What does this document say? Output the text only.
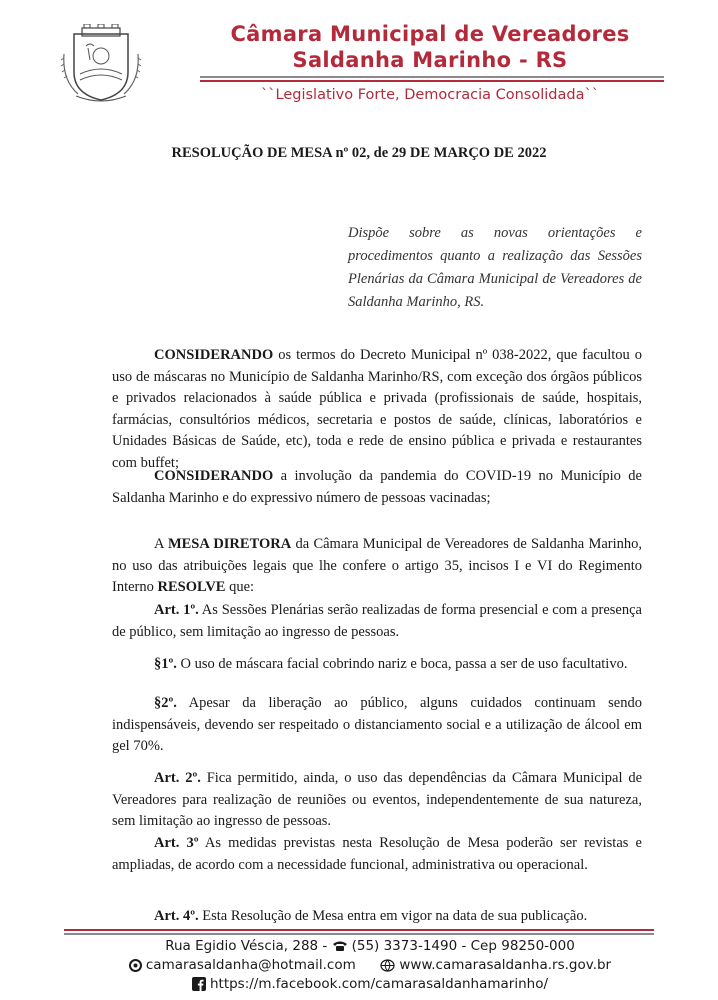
Câmara Municipal de Vereadores
Saldanha Marinho - RS
``Legislativo Forte, Democracia Consolidada``
RESOLUÇÃO DE MESA nº 02, de 29 DE MARÇO DE 2022
Dispõe sobre as novas orientações e procedimentos quanto a realização das Sessões Plenárias da Câmara Municipal de Vereadores de Saldanha Marinho, RS.
CONSIDERANDO os termos do Decreto Municipal nº 038-2022, que facultou o uso de máscaras no Município de Saldanha Marinho/RS, com exceção dos órgãos públicos e privados relacionados à saúde pública e privada (profissionais de saúde, hospitais, farmácias, consultórios médicos, secretaria e postos de saúde, clínicas, laboratórios e Unidades Básicas de Saúde, etc), toda e rede de ensino pública e privada e restaurantes com buffet;
CONSIDERANDO a involução da pandemia do COVID-19 no Município de Saldanha Marinho e do expressivo número de pessoas vacinadas;
A MESA DIRETORA da Câmara Municipal de Vereadores de Saldanha Marinho, no uso das atribuições legais que lhe confere o artigo 35, incisos I e VI do Regimento Interno RESOLVE que:
Art. 1º. As Sessões Plenárias serão realizadas de forma presencial e com a presença de público, sem limitação ao ingresso de pessoas.
§1º. O uso de máscara facial cobrindo nariz e boca, passa a ser de uso facultativo.
§2º. Apesar da liberação ao público, alguns cuidados continuam sendo indispensáveis, devendo ser respeitado o distanciamento social e a utilização de álcool em gel 70%.
Art. 2º. Fica permitido, ainda, o uso das dependências da Câmara Municipal de Vereadores para realização de reuniões ou eventos, independentemente de sua natureza, sem limitação ao ingresso de pessoas.
Art. 3º As medidas previstas nesta Resolução de Mesa poderão ser revistas e ampliadas, de acordo com a necessidade funcional, administrativa ou operacional.
Art. 4º. Esta Resolução de Mesa entra em vigor na data de sua publicação.
Rua Egidio Véscia, 288 - (55) 3373-1490 - Cep 98250-000
camarasaldanha@hotmail.com	www.camarasaldanha.rs.gov.br
https://m.facebook.com/camarasaldanhamarinho/
